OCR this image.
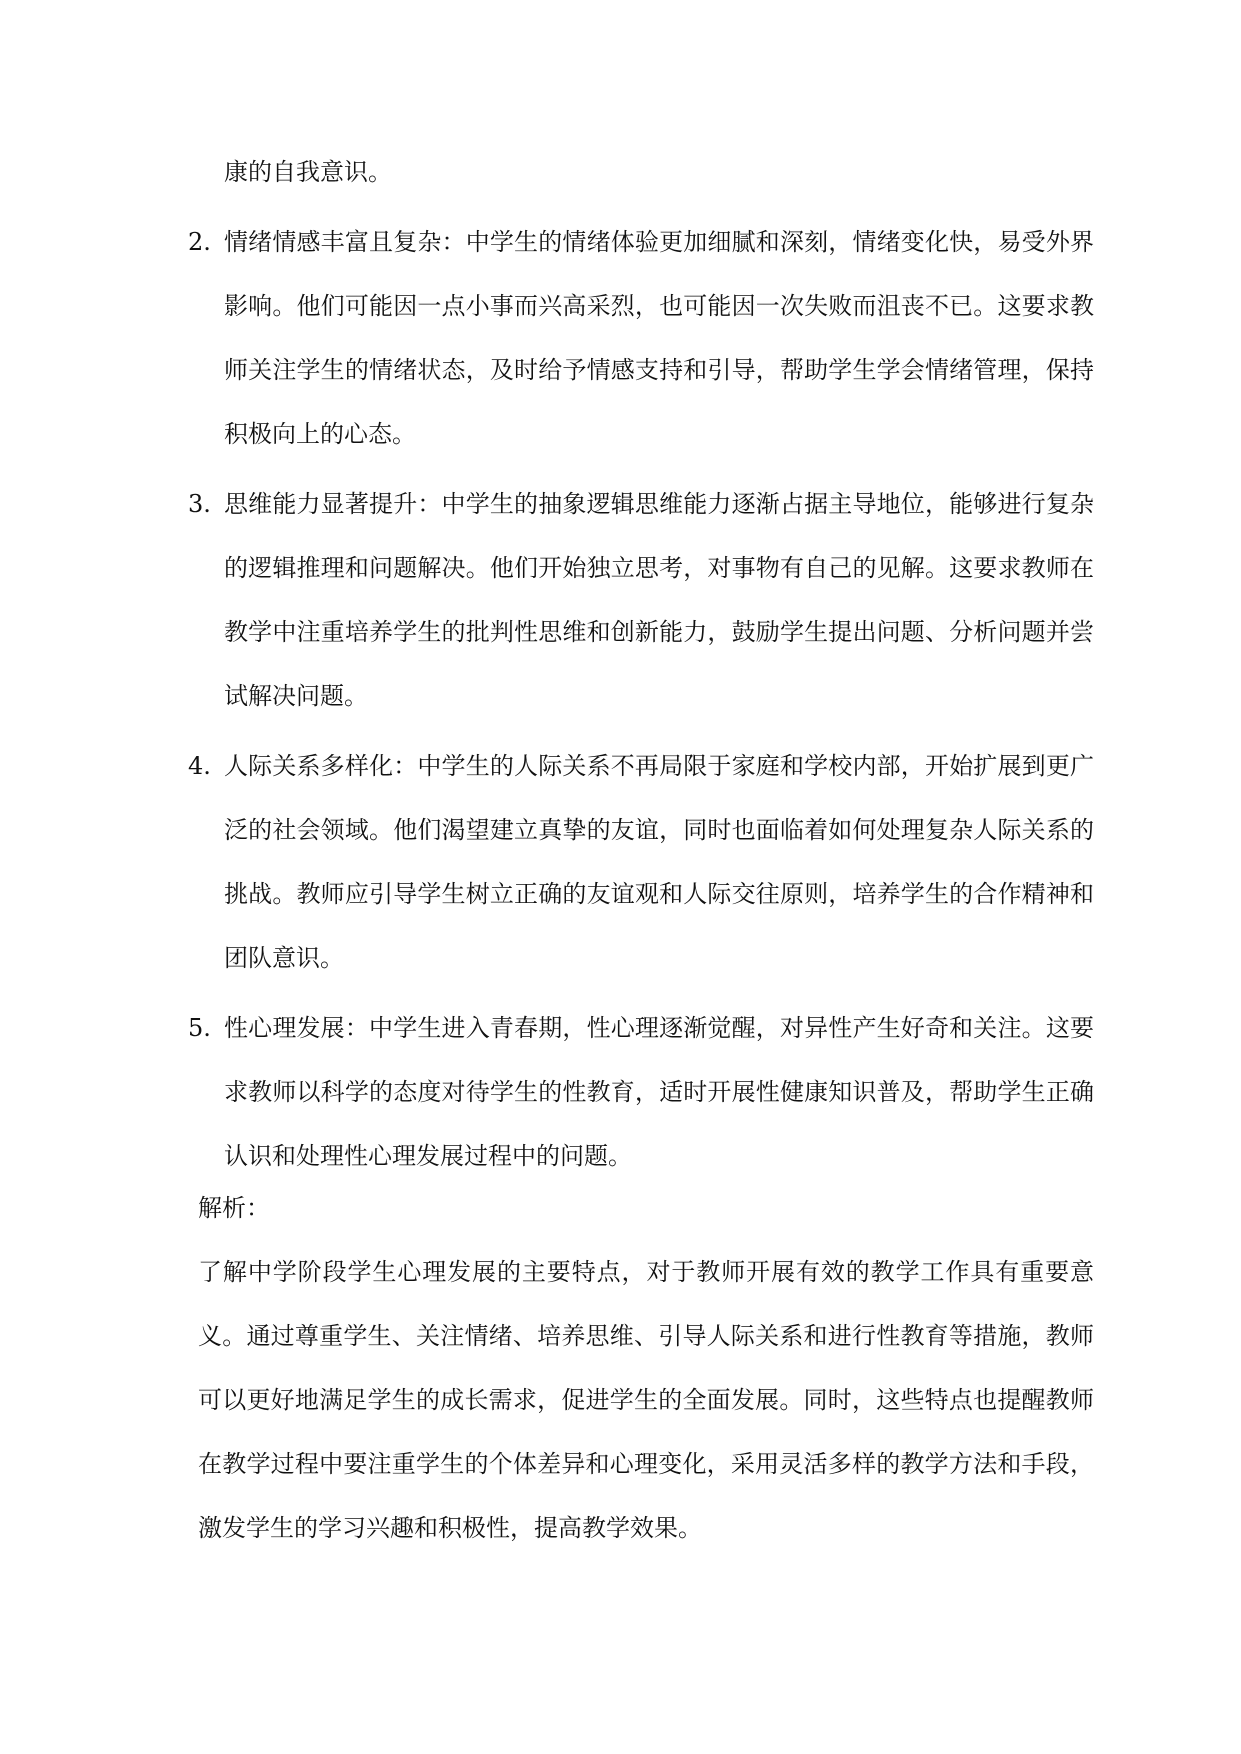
康的自我意识。

2. 情绪情感丰富且复杂：中学生的情绪体验更加细腻和深刻，情绪变化快，易受外界影响。他们可能因一点小事而兴高采烈，也可能因一次失败而沮丧不已。这要求教师关注学生的情绪状态，及时给予情感支持和引导，帮助学生学会情绪管理，保持积极向上的心态。

3. 思维能力显著提升：中学生的抽象逻辑思维能力逐渐占据主导地位，能够进行复杂的逻辑推理和问题解决。他们开始独立思考，对事物有自己的见解。这要求教师在教学中注重培养学生的批判性思维和创新能力，鼓励学生提出问题、分析问题并尝试解决问题。

4. 人际关系多样化：中学生的人际关系不再局限于家庭和学校内部，开始扩展到更广泛的社会领域。他们渴望建立真挚的友谊，同时也面临着如何处理复杂人际关系的挑战。教师应引导学生树立正确的友谊观和人际交往原则，培养学生的合作精神和团队意识。

5. 性心理发展：中学生进入青春期，性心理逐渐觉醒，对异性产生好奇和关注。这要求教师以科学的态度对待学生的性教育，适时开展性健康知识普及，帮助学生正确认识和处理性心理发展过程中的问题。

解析：

了解中学阶段学生心理发展的主要特点，对于教师开展有效的教学工作具有重要意义。通过尊重学生、关注情绪、培养思维、引导人际关系和进行性教育等措施，教师可以更好地满足学生的成长需求，促进学生的全面发展。同时，这些特点也提醒教师在教学过程中要注重学生的个体差异和心理变化，采用灵活多样的教学方法和手段，激发学生的学习兴趣和积极性，提高教学效果。
